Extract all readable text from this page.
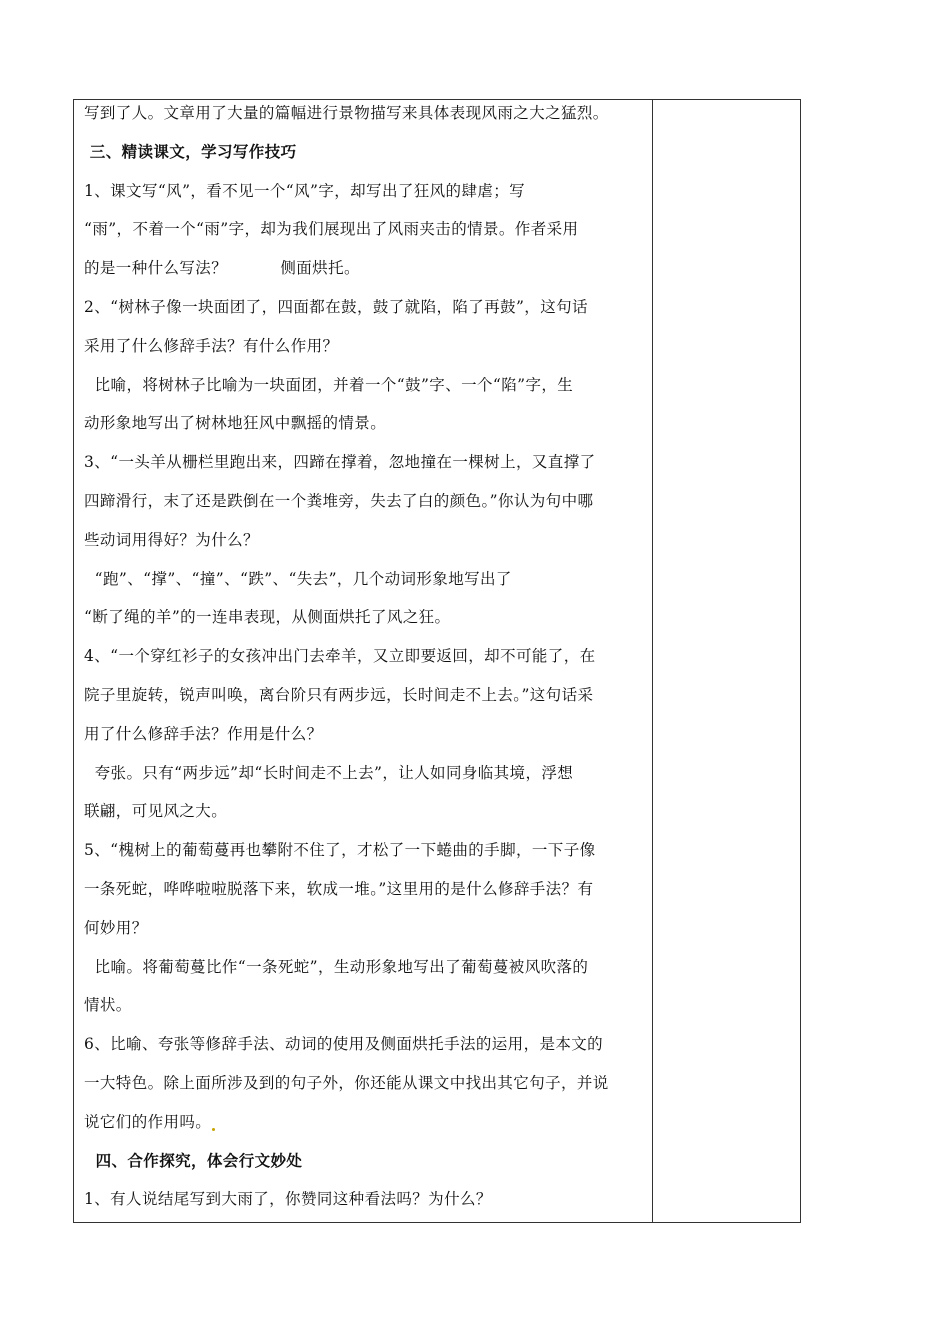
写到了人。文章用了大量的篇幅进行景物描写来具体表现风雨之大之猛烈。
三、精读课文，学习写作技巧
1、课文写“风”，看不见一个“风”字，却写出了狂风的肆虐；写
“雨”，不着一个“雨”字，却为我们展现出了风雨夹击的情景。作者采用
的是一种什么写法？          侧面烘托。
2、“树林子像一块面团了，四面都在鼓，鼓了就陷，陷了再鼓”，这句话
采用了什么修辞手法？有什么作用？
比喻，将树林子比喻为一块面团，并着一个“鼓”字、一个“陷”字，生
动形象地写出了树林地狂风中飘摇的情景。
3、“一头羊从栅栏里跑出来，四蹄在撑着，忽地撞在一棵树上，又直撑了
四蹄滑行，末了还是跌倒在一个粪堆旁，失去了白的颜色。”你认为句中哪
些动词用得好？为什么？
“跑”、“撑”、“撞”、“跌”、“失去”，几个动词形象地写出了
“断了绳的羊”的一连串表现，从侧面烘托了风之狂。
4、“一个穿红衫子的女孩冲出门去牵羊，又立即要返回，却不可能了，在
院子里旋转，锐声叫唤，离台阶只有两步远，长时间走不上去。”这句话采
用了什么修辞手法？作用是什么？
夸张。只有“两步远”却“长时间走不上去”，让人如同身临其境，浮想
联翩，可见风之大。
5、“槐树上的葡萄蔓再也攀附不住了，才松了一下蜷曲的手脚，一下子像
一条死蛇，哗哗啦啦脱落下来，软成一堆。”这里用的是什么修辞手法？有
何妙用？
比喻。将葡萄蔓比作“一条死蛇”，生动形象地写出了葡萄蔓被风吹落的
情状。
6、比喻、夸张等修辞手法、动词的使用及侧面烘托手法的运用，是本文的
一大特色。除上面所涉及到的句子外，你还能从课文中找出其它句子，并说
说它们的作用吗。
四、合作探究，体会行文妙处
1、有人说结尾写到大雨了，你赞同这种看法吗？为什么？
